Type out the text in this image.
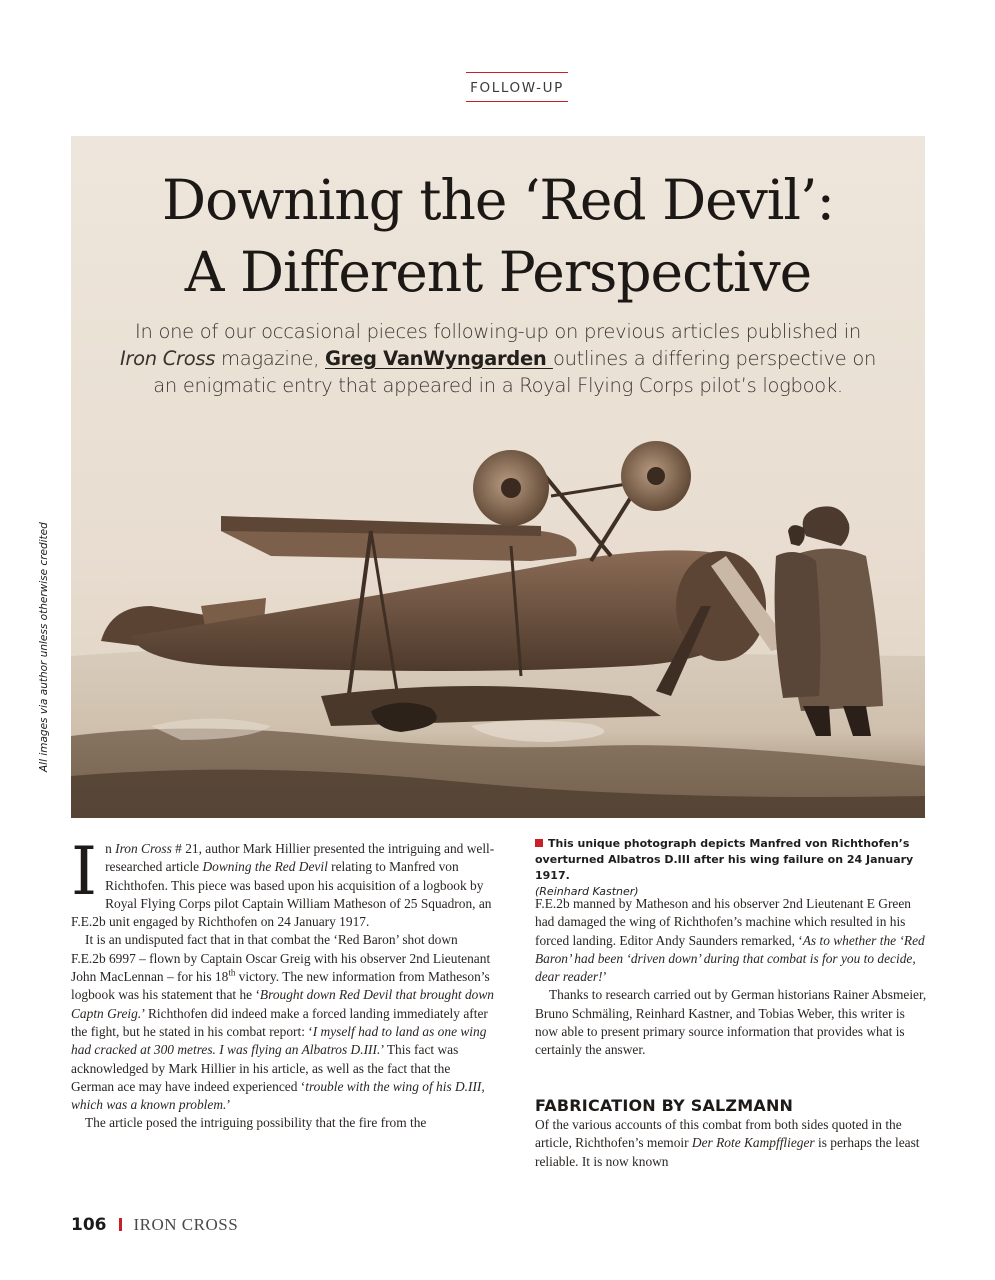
FOLLOW-UP
Downing the ‘Red Devil’:
A Different Perspective

In one of our occasional pieces following-up on previous articles published in
Iron Cross magazine, Greg VanWyngarden outlines a differing perspective on an enigmatic entry that appeared in a Royal Flying Corps pilot’s logbook.

All images via author unless otherwise credited

In Iron Cross # 21, author Mark Hillier presented the intriguing and well-researched article Downing the Red Devil relating to Manfred von Richthofen. This piece was based upon his acquisition of a logbook by Royal Flying Corps pilot Captain William Matheson of 25 Squadron, an F.E.2b unit engaged by Richthofen on 24 January 1917.

It is an undisputed fact that in that combat the ‘Red Baron’ shot down F.E.2b 6997 – flown by Captain Oscar Greig with his observer 2nd Lieutenant John MacLennan – for his 18th victory. The new information from Matheson’s logbook was his statement that he ‘Brought down Red Devil that brought down Captn Greig.’ Richthofen did indeed make a forced landing immediately after the fight, but he stated in his combat report: ‘I myself had to land as one wing had cracked at 300 metres. I was flying an Albatros D.III.’ This fact was acknowledged by Mark Hillier in his article, as well as the fact that the German ace may have indeed experienced ‘trouble with the wing of his D.III, which was a known problem.’

The article posed the intriguing possibility that the fire from the

This unique photograph depicts Manfred von Richthofen’s overturned Albatros D.III after his wing failure on 24 January 1917.
(Reinhard Kastner)

F.E.2b manned by Matheson and his observer 2nd Lieutenant E Green had damaged the wing of Richthofen’s machine which resulted in his forced landing. Editor Andy Saunders remarked, ‘As to whether the ‘Red Baron’ had been ‘driven down’ during that combat is for you to decide, dear reader!’

Thanks to research carried out by German historians Rainer Absmeier, Bruno Schmäling, Reinhard Kastner, and Tobias Weber, this writer is now able to present primary source information that provides what is certainly the answer.

FABRICATION BY SALZMANN

Of the various accounts of this combat from both sides quoted in the article, Richthofen’s memoir Der Rote Kampfflieger is perhaps the least reliable. It is now known

106 IRON CROSS
